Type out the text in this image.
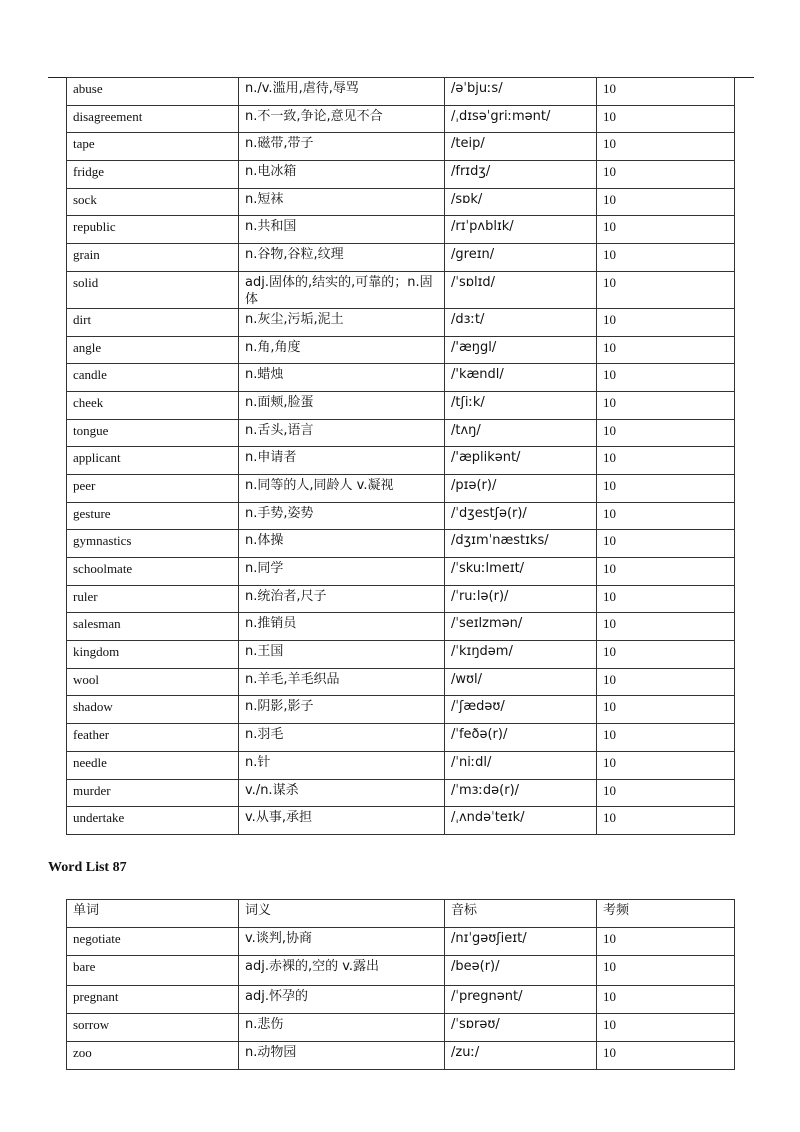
abuse	n./v.滥用,虐待,辱骂	/əˈbjuːs/	10
disagreement	n.不一致,争论,意见不合	/ˌdɪsəˈgriːmənt/	10
tape	n.磁带,带子	/teip/	10
fridge	n.电冰箱	/frɪdʒ/	10
sock	n.短袜	/sɒk/	10
republic	n.共和国	/rɪˈpʌblɪk/	10
grain	n.谷物,谷粒,纹理	/greɪn/	10
solid	adj.固体的,结实的,可靠的；n.固体	/ˈsɒlɪd/	10
dirt	n.灰尘,污垢,泥土	/dɜːt/	10
angle	n.角,角度	/'æŋgl/	10
candle	n.蜡烛	/'kændl/	10
cheek	n.面颊,脸蛋	/tʃiːk/	10
tongue	n.舌头,语言	/tʌŋ/	10
applicant	n.申请者	/'æplikənt/	10
peer	n.同等的人,同龄人 v.凝视	/pɪə(r)/	10
gesture	n.手势,姿势	/ˈdʒestʃə(r)/	10
gymnastics	n.体操	/dʒɪmˈnæstɪks/	10
schoolmate	n.同学	/ˈskuːlmeɪt/	10
ruler	n.统治者,尺子	/ˈruːlə(r)/	10
salesman	n.推销员	/ˈseɪlzmən/	10
kingdom	n.王国	/ˈkɪŋdəm/	10
wool	n.羊毛,羊毛织品	/wʊl/	10
shadow	n.阴影,影子	/ˈʃædəʊ/	10
feather	n.羽毛	/ˈfeðə(r)/	10
needle	n.针	/ˈniːdl/	10
murder	v./n.谋杀	/ˈmɜːdə(r)/	10
undertake	v.从事,承担	/ˌʌndəˈteɪk/	10
Word List 87
单词	词义	音标	考频
negotiate	v.谈判,协商	/nɪˈgəʊʃieɪt/	10
bare	adj.赤裸的,空的 v.露出	/beə(r)/	10
pregnant	adj.怀孕的	/ˈpregnənt/	10
sorrow	n.悲伤	/ˈsɒrəʊ/	10
zoo	n.动物园	/zuː/	10
